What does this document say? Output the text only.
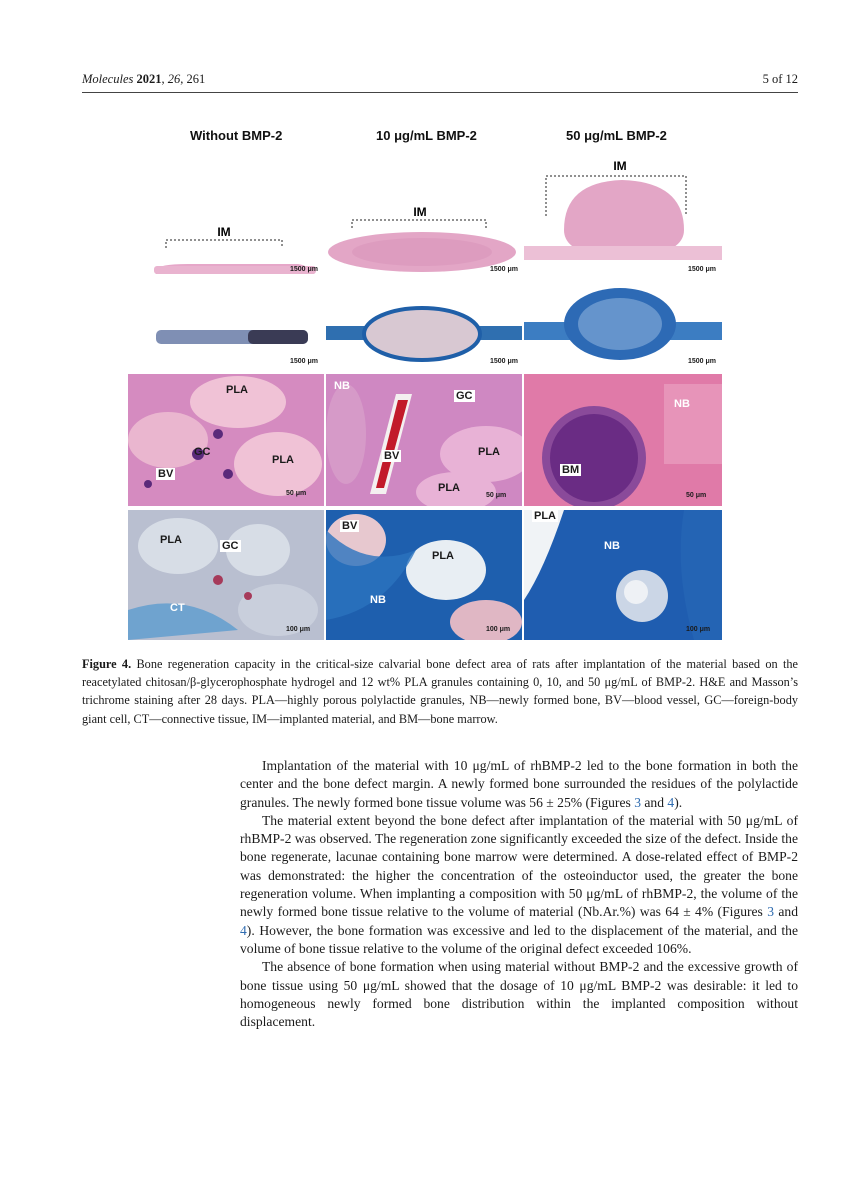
Molecules 2021, 26, 261	5 of 12
Without BMP-2	10 μg/mL BMP-2	50 μg/mL BMP-2
IM
IM
IM
1500 μm	1500 μm	1500 μm
1500 μm	1500 μm	1500 μm
PLA
GC
PLA
BV
50 μm
NB
GC
BV	PLA
PLA
50 μm
NB
BM
50 μm
PLA	GC
CT
100 μm
BV
PLA
NB
100 μm
PLA
NB
100 μm
Figure 4. Bone regeneration capacity in the critical-size calvarial bone defect area of rats after implantation of the material based on the reacetylated chitosan/β-glycerophosphate hydrogel and 12 wt% PLA granules containing 0, 10, and 50 μg/mL of BMP-2. H&E and Masson’s trichrome staining after 28 days. PLA—highly porous polylactide granules, NB—newly formed bone, BV—blood vessel, GC—foreign-body giant cell, CT—connective tissue, IM—implanted material, and BM—bone marrow.

Implantation of the material with 10 μg/mL of rhBMP-2 led to the bone formation in both the center and the bone defect margin. A newly formed bone surrounded the residues of the polylactide granules. The newly formed bone tissue volume was 56 ± 25% (Figures 3 and 4).

The material extent beyond the bone defect after implantation of the material with 50 μg/mL of rhBMP-2 was observed. The regeneration zone significantly exceeded the size of the defect. Inside the bone regenerate, lacunae containing bone marrow were determined. A dose-related effect of BMP-2 was demonstrated: the higher the concentration of the osteoinductor used, the greater the bone regeneration volume. When implanting a composition with 50 μg/mL of rhBMP-2, the volume of the newly formed bone tissue relative to the volume of material (Nb.Ar.%) was 64 ± 4% (Figures 3 and 4). However, the bone formation was excessive and led to the displacement of the material, and the volume of bone tissue relative to the volume of the original defect exceeded 106%.

The absence of bone formation when using material without BMP-2 and the excessive growth of bone tissue using 50 μg/mL showed that the dosage of 10 μg/mL BMP-2 was desirable: it led to homogeneous newly formed bone distribution within the implanted composition without displacement.
